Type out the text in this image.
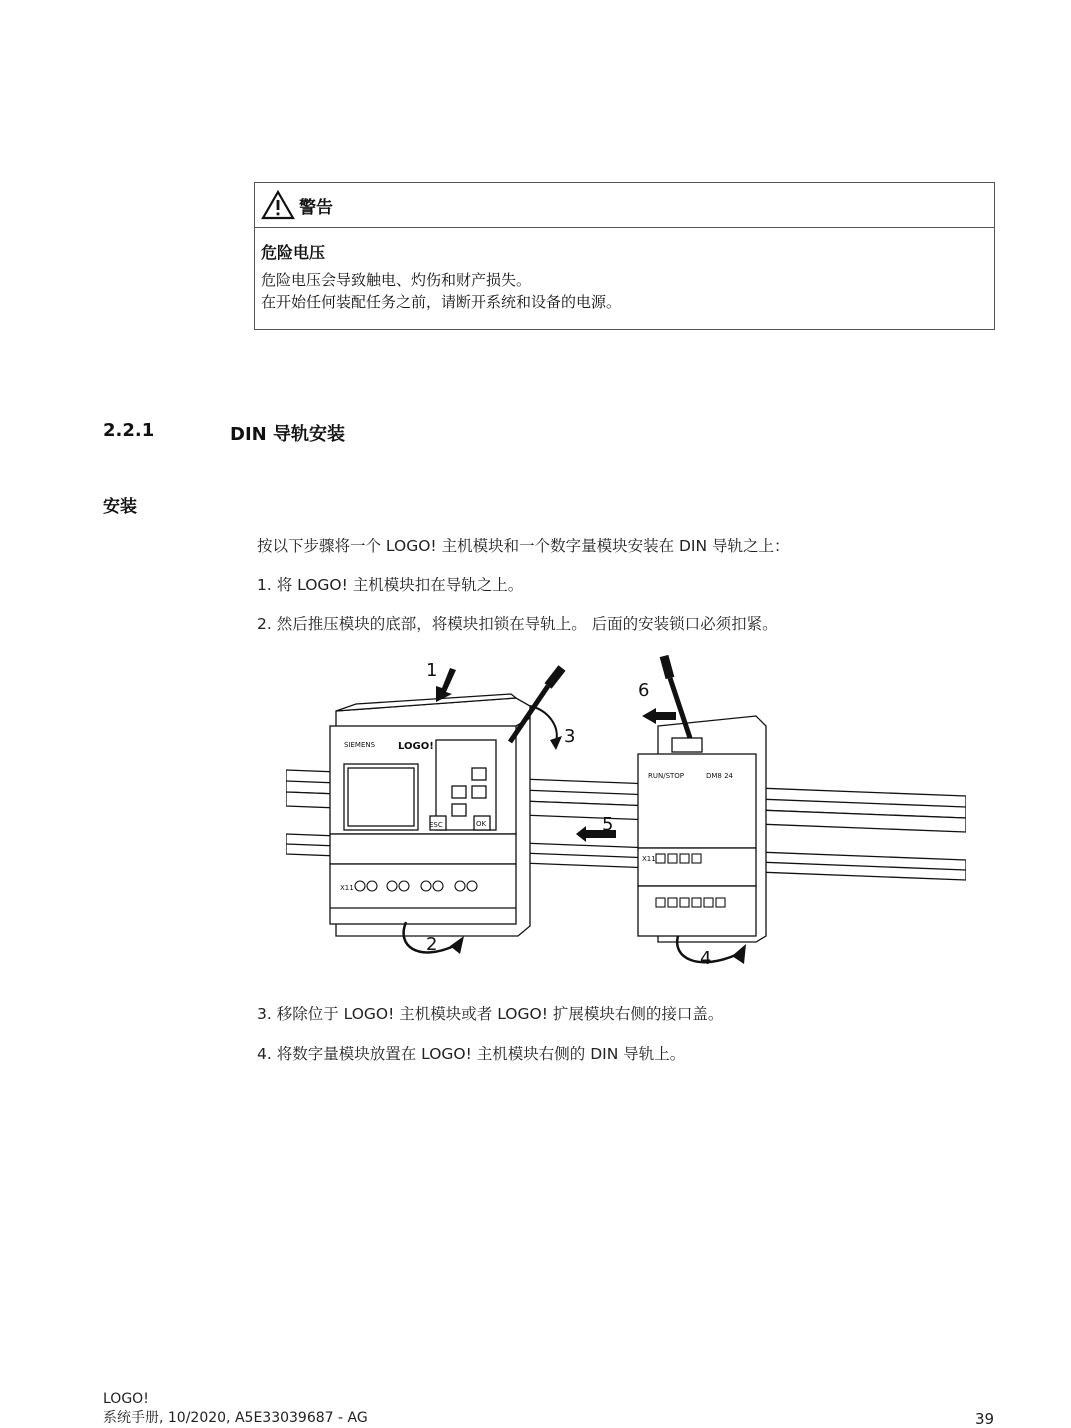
警告
危险电压
危险电压会导致触电、灼伤和财产损失。
在开始任何装配任务之前，请断开系统和设备的电源。
2.2.1	DIN 导轨安装
安装
按以下步骤将一个 LOGO! 主机模块和一个数字量模块安装在 DIN 导轨之上：
1. 将 LOGO! 主机模块扣在导轨之上。
2. 然后推压模块的底部，将模块扣锁在导轨上。 后面的安装锁口必须扣紧。
1
2
3
4
5
6
SIEMENS LOGO!
ESC	OK
X11
RUN/STOP	DM8 24
X11
3. 移除位于 LOGO! 主机模块或者 LOGO! 扩展模块右侧的接口盖。
4. 将数字量模块放置在 LOGO! 主机模块右侧的 DIN 导轨上。
LOGO!
系统手册, 10/2020, A5E33039687 - AG	39
